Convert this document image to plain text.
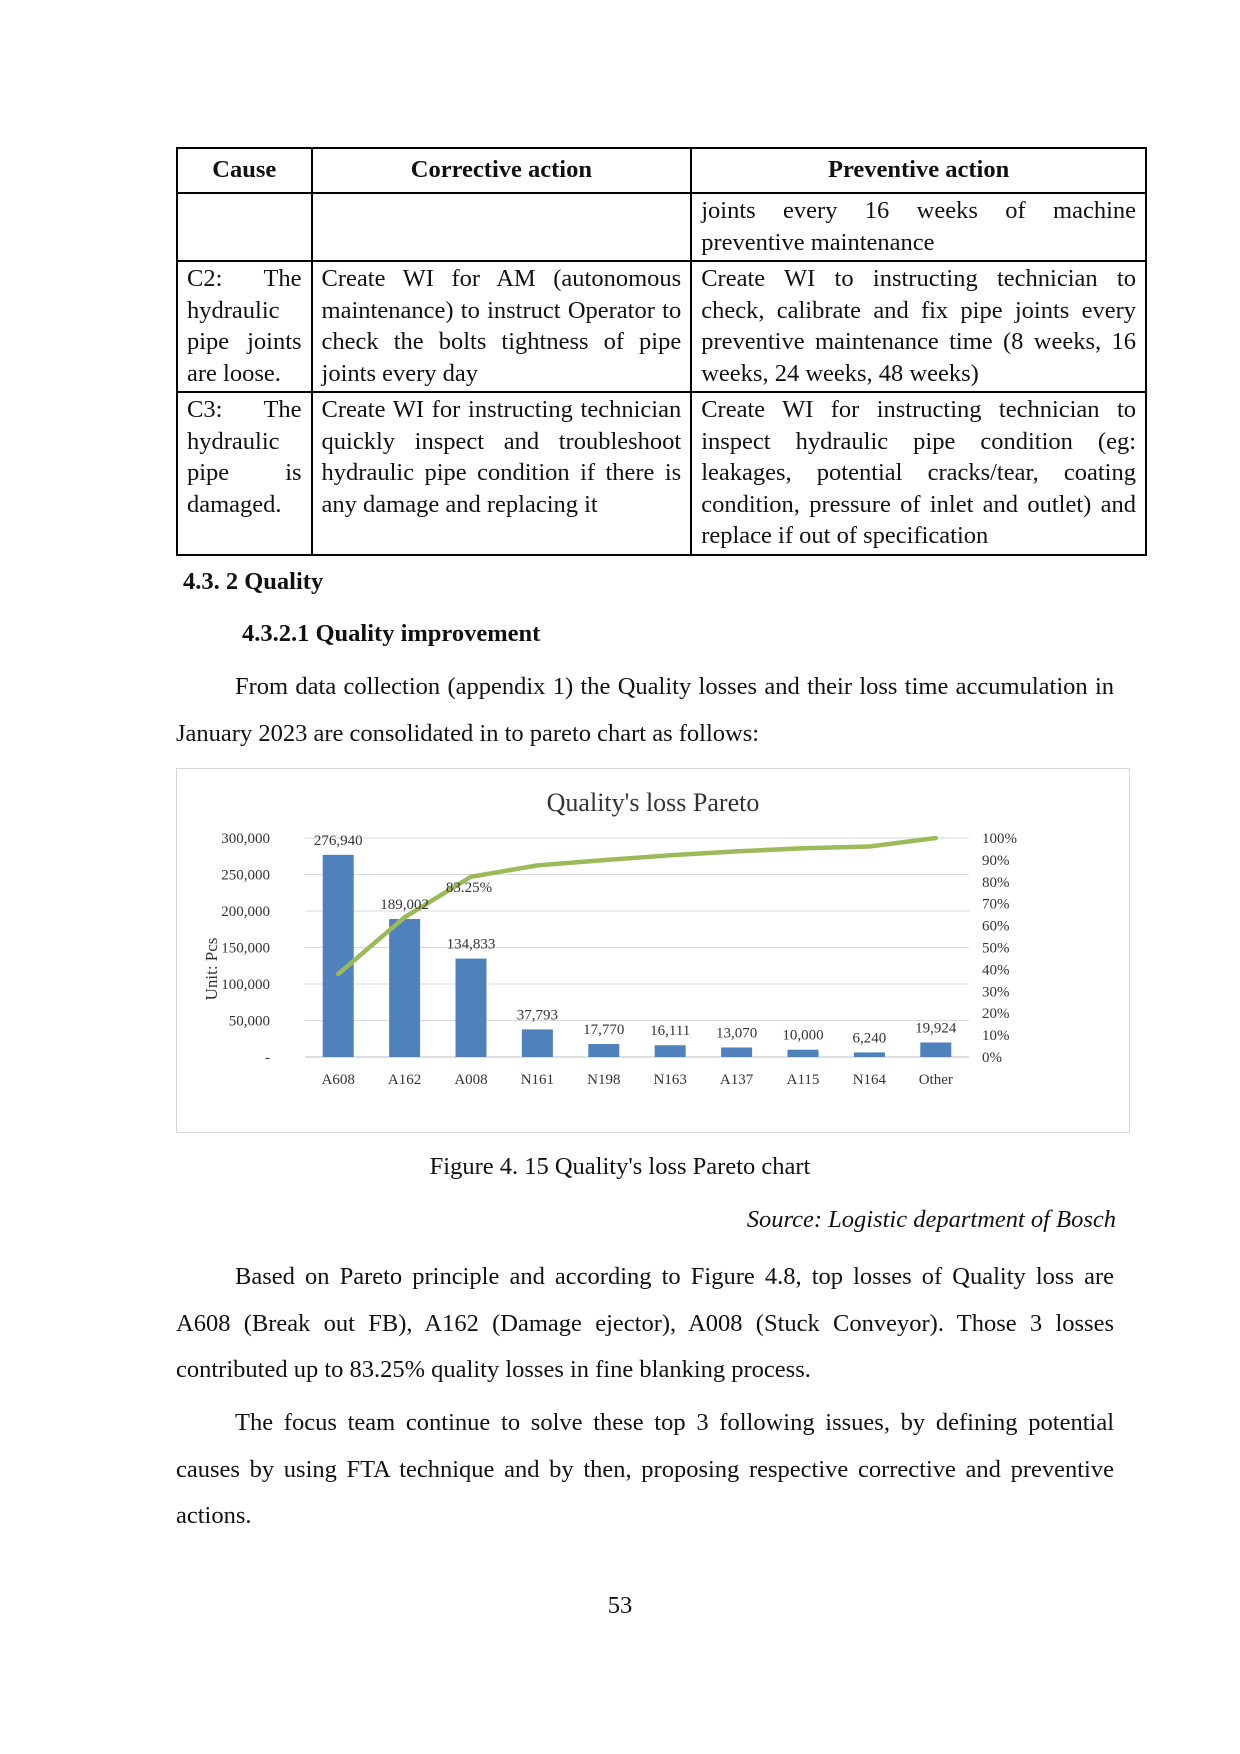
Cause	Corrective action	Preventive action
		joints every 16 weeks of machine preventive maintenance
C2: The hydraulic pipe joints are loose.	Create WI for AM (autonomous maintenance) to instruct Operator to check the bolts tightness of pipe joints every day	Create WI to instructing technician to check, calibrate and fix pipe joints every preventive maintenance time (8 weeks, 16 weeks, 24 weeks, 48 weeks)
C3: The hydraulic pipe is damaged.	Create WI for instructing technician quickly inspect and troubleshoot hydraulic pipe condition if there is any damage and replacing it	Create WI for instructing technician to inspect hydraulic pipe condition (eg: leakages, potential cracks/tear, coating condition, pressure of inlet and outlet) and replace if out of specification
4.3. 2 Quality
4.3.2.1 Quality improvement

From data collection (appendix 1) the Quality losses and their loss time accumulation in January 2023 are consolidated in to pareto chart as follows:

Quality's loss Pareto
Unit: Pcs
-
50,000
100,000
150,000
200,000
250,000
300,000
0%
10%
20%
30%
40%
50%
60%
70%
80%
90%
100%
276,940
A608
189,002
A162
134,833
A008
37,793
N161
17,770
N198
16,111
N163
13,070
A137
10,000
A115
6,240
N164
19,924
Other
83.25%
Figure 4. 15 Quality's loss Pareto chart
Source: Logistic department of Bosch

Based on Pareto principle and according to Figure 4.8, top losses of Quality loss are A608 (Break out FB), A162 (Damage ejector), A008 (Stuck Conveyor). Those 3 losses contributed up to 83.25% quality losses in fine blanking process.

The focus team continue to solve these top 3 following issues, by defining potential causes by using FTA technique and by then, proposing respective corrective and preventive actions.

53
